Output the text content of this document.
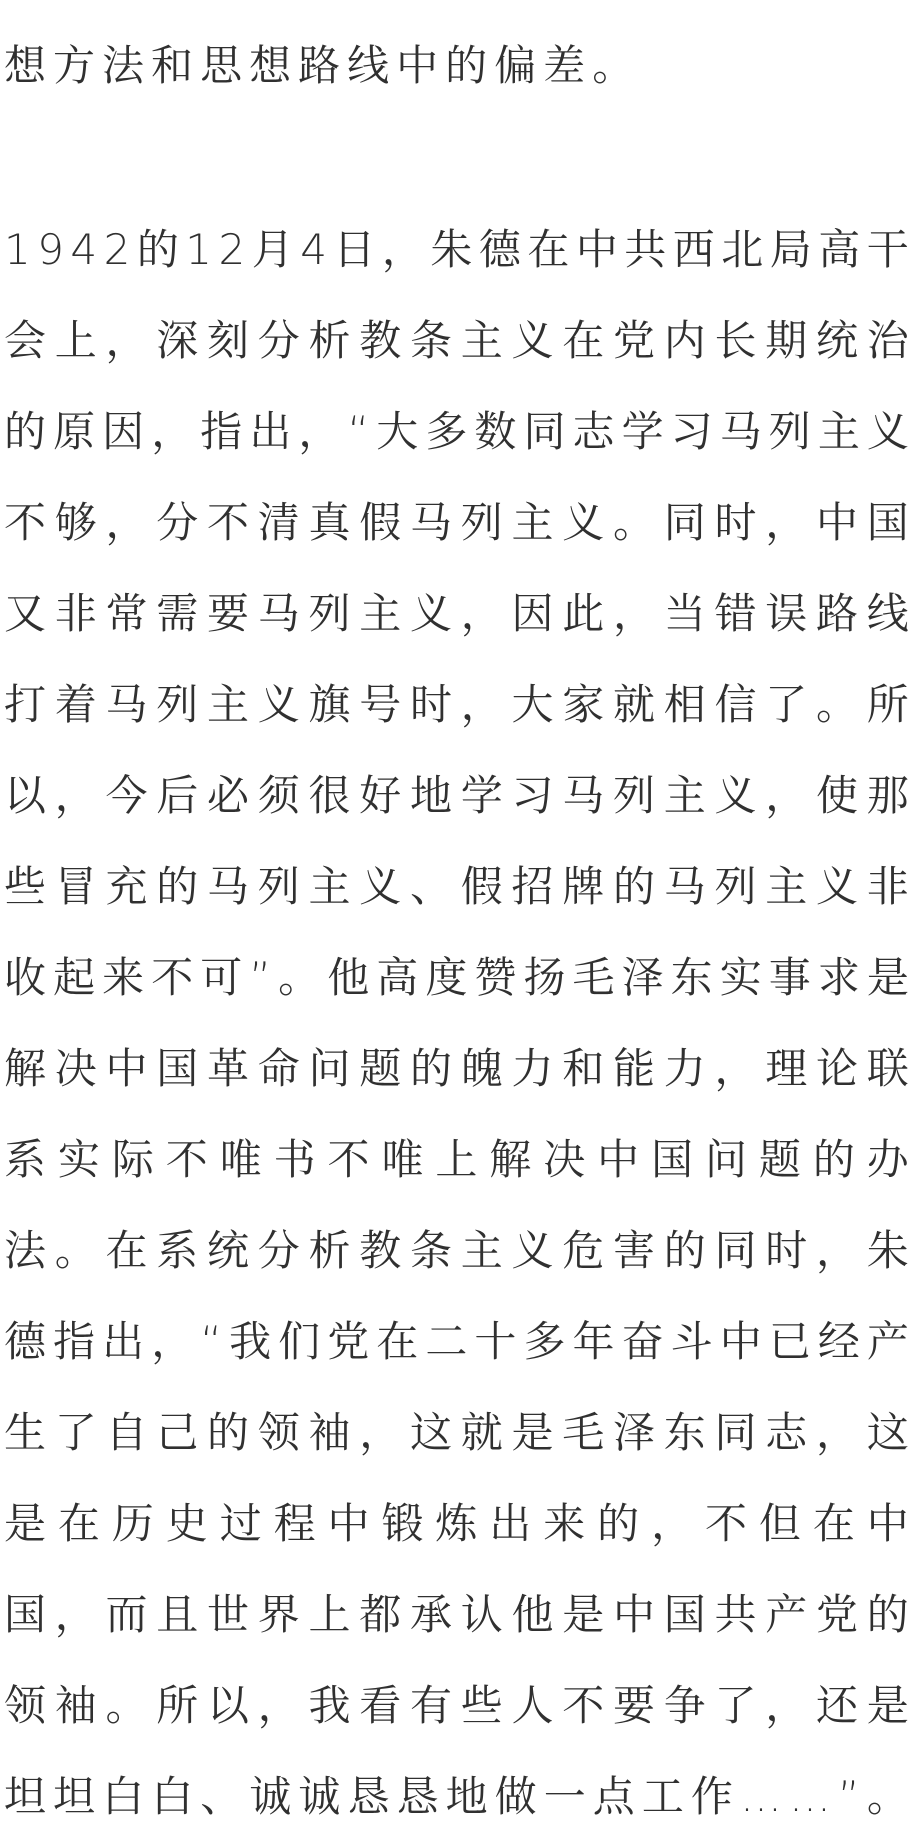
想 方 法 和 思 想 路 线 中 的 偏 差 。
1 9 4 2 的 1 2 月 4 日 ， 朱 德 在 中 共 西 北 局 高 干
会 上 ， 深 刻 分 析 教 条 主 义 在 党 内 长 期 统 治
的 原 因 ， 指 出 ， “ 大 多 数 同 志 学 习 马 列 主 义
不 够 ， 分 不 清 真 假 马 列 主 义 。 同 时 ， 中 国
又 非 常 需 要 马 列 主 义 ， 因 此 ， 当 错 误 路 线
打 着 马 列 主 义 旗 号 时 ， 大 家 就 相 信 了 。 所
以 ， 今 后 必 须 很 好 地 学 习 马 列 主 义 ， 使 那
些 冒 充 的 马 列 主 义 、 假 招 牌 的 马 列 主 义 非
收 起 来 不 可 ” 。 他 高 度 赞 扬 毛 泽 东 实 事 求 是
解 决 中 国 革 命 问 题 的 魄 力 和 能 力 ， 理 论 联
系 实 际 不 唯 书 不 唯 上 解 决 中 国 问 题 的 办
法 。 在 系 统 分 析 教 条 主 义 危 害 的 同 时 ， 朱
德 指 出 ， “ 我 们 党 在 二 十 多 年 奋 斗 中 已 经 产
生 了 自 己 的 领 袖 ， 这 就 是 毛 泽 东 同 志 ， 这
是 在 历 史 过 程 中 锻 炼 出 来 的 ， 不 但 在 中
国 ， 而 且 世 界 上 都 承 认 他 是 中 国 共 产 党 的
领 袖 。 所 以 ， 我 看 有 些 人 不 要 争 了 ， 还 是
坦 坦 白 白 、 诚 诚 恳 恳 地 做 一 点 工 作 … … ” 。
